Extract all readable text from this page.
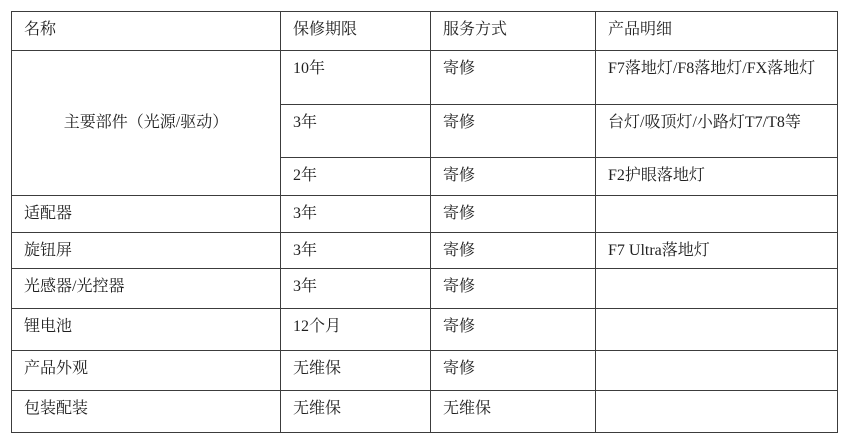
名称	保修期限	服务方式	产品明细
主要部件（光源/驱动）	10年	寄修	F7落地灯/F8落地灯/FX落地灯
	3年	寄修	台灯/吸顶灯/小路灯T7/T8等
	2年	寄修	F2护眼落地灯
适配器	3年	寄修	
旋钮屏	3年	寄修	F7 Ultra落地灯
光感器/光控器	3年	寄修	
锂电池	12个月	寄修	
产品外观	无维保	寄修	
包装配装	无维保	无维保	
